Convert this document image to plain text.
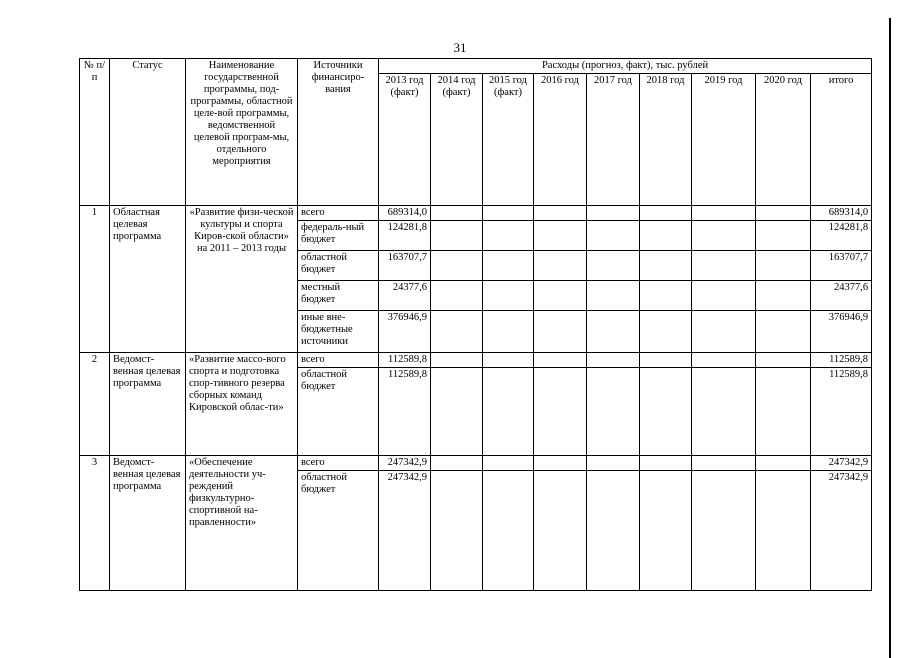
31
№ п/п	Статус	Наименование государственной программы, под-программы, областной целе-вой программы, ведомственной целевой програм-мы, отдельного мероприятия	Источники финансиро-вания	Расходы (прогноз, факт), тыс. рублей								
				2013 год (факт)	2014 год (факт)	2015 год (факт)	2016 год	2017 год	2018 год	2019 год	2020 год	итого
1	Областная целевая программа	«Развитие физи-ческой культуры и спорта Киров-ской области» на 2011 – 2013 годы	всего	689314,0								689314,0
			федераль-ный бюджет	124281,8								124281,8
			областной бюджет	163707,7								163707,7
			местный бюджет	24377,6								24377,6
			иные вне-бюджетные источники	376946,9								376946,9
2	Ведомст-венная целевая программа	«Развитие массо-вого спорта и подготовка спор-тивного резерва сборных команд Кировской облас-ти»	всего	112589,8								112589,8
			областной бюджет	112589,8								112589,8
3	Ведомст-венная целевая программа	«Обеспечение деятельности уч-реждений физкультурно-спортивной на-правленности»	всего	247342,9								247342,9
			областной бюджет	247342,9								247342,9
